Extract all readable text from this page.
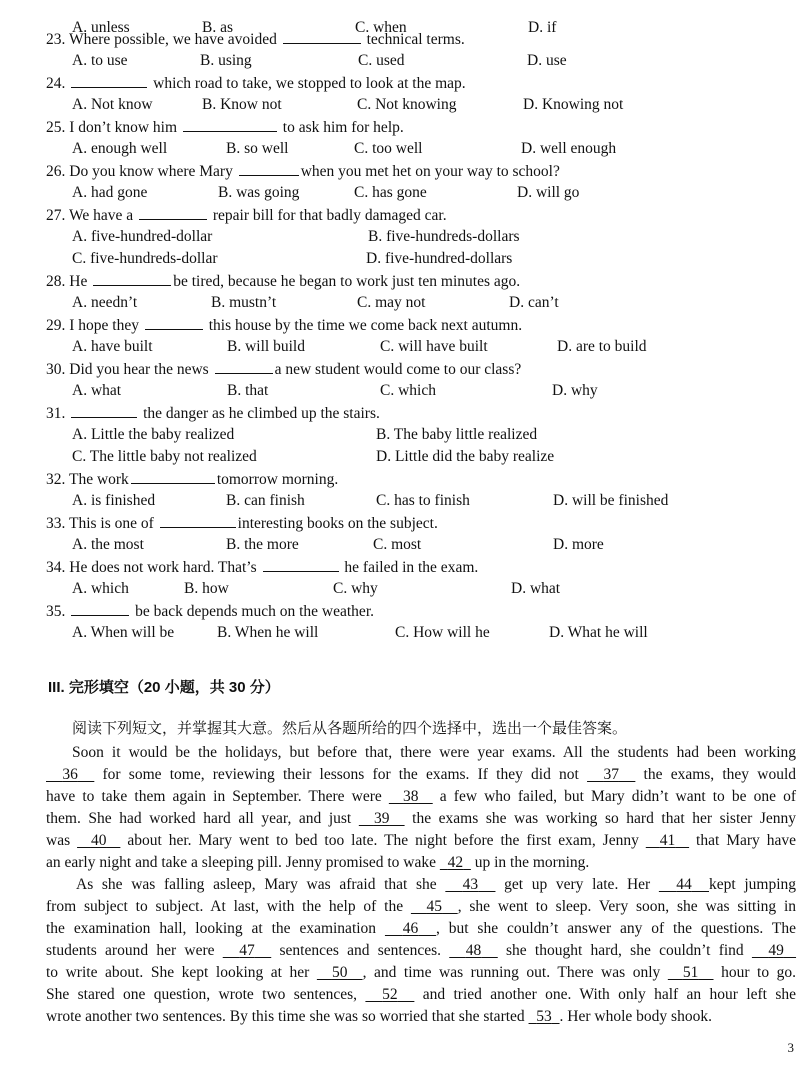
A. unless	B. as	C. when	D. if
23. Where possible, we have avoided	technical terms.
A. to use	B. using	C. used	D. use
24.	which road to take, we stopped to look at the map.
A. Not know	B. Know not	C. Not knowing	D. Knowing not
25. I don’t know him	to ask him for help.
A. enough well	B. so well	C. too well	D. well enough
26. Do you know where Mary	when you met het on your way to school?
A. had gone	B. was going	C. has gone	D. will go
27. We have a	repair bill for that badly damaged car.
A. five-hundred-dollar	B. five-hundreds-dollars
C. five-hundreds-dollar	D. five-hundred-dollars
28. He	be tired, because he began to work just ten minutes ago.
A. needn’t	B. mustn’t	C. may not	D. can’t
29. I hope they	this house by the time we come back next autumn.
A. have built	B. will build	C. will have built	D. are to build
30. Did you hear the news	a new student would come to our class?
A. what	B. that	C. which	D. why
31.	the danger as he climbed up the stairs.
A. Little the baby realized	B. The baby little realized
C. The little baby not realized	D. Little did the baby realize
32. The work	tomorrow morning.
A. is finished	B. can finish	C. has to finish	D. will be finished
33. This is one of	interesting books on the subject.
A. the most	B. the more	C. most	D. more
34. He does not work hard. That’s	he failed in the exam.
A. which	B. how	C. why	D. what
35.	be back depends much on the weather.
A. When will be	B. When he will	C. How will he	D. What he will
III. 完形填空（20 小题，共 30 分）
阅读下列短文，并掌握其大意。然后从各题所给的四个选择中，选出一个最佳答案。
Soon it would be the holidays, but before that, there were year exams. All the students had been working
36   for some tome, reviewing their lessons for the exams. If they did not   37   the exams, they would
have to take them again in September. There were   38   a few who failed, but Mary didn’t want to be one of
them. She had worked hard all year, and just   39   the exams she was working so hard that her sister Jenny
was   40   about her. Mary went to bed too late. The night before the first exam, Jenny   41   that Mary have
an early night and take a sleeping pill. Jenny promised to wake   42   up in the morning.
As she was falling asleep, Mary was afraid that she   43   get up very late. Her   44 kept jumping
from subject to subject. At last, with the help of the   45 , she went to sleep. Very soon, she was sitting in
the examination hall, looking at the examination   46 , but she couldn’t answer any of the questions. The
students around her were   47   sentences and sentences.   48   she thought hard, she couldn’t find   49
to write about. She kept looking at her   50 , and time was running out. There was only   51   hour to go.
She stared one question, wrote two sentences,   52   and tried another one. With only half an hour left she
wrote another two sentences. By this time she was so worried that she started   53 . Her whole body shook.
3
